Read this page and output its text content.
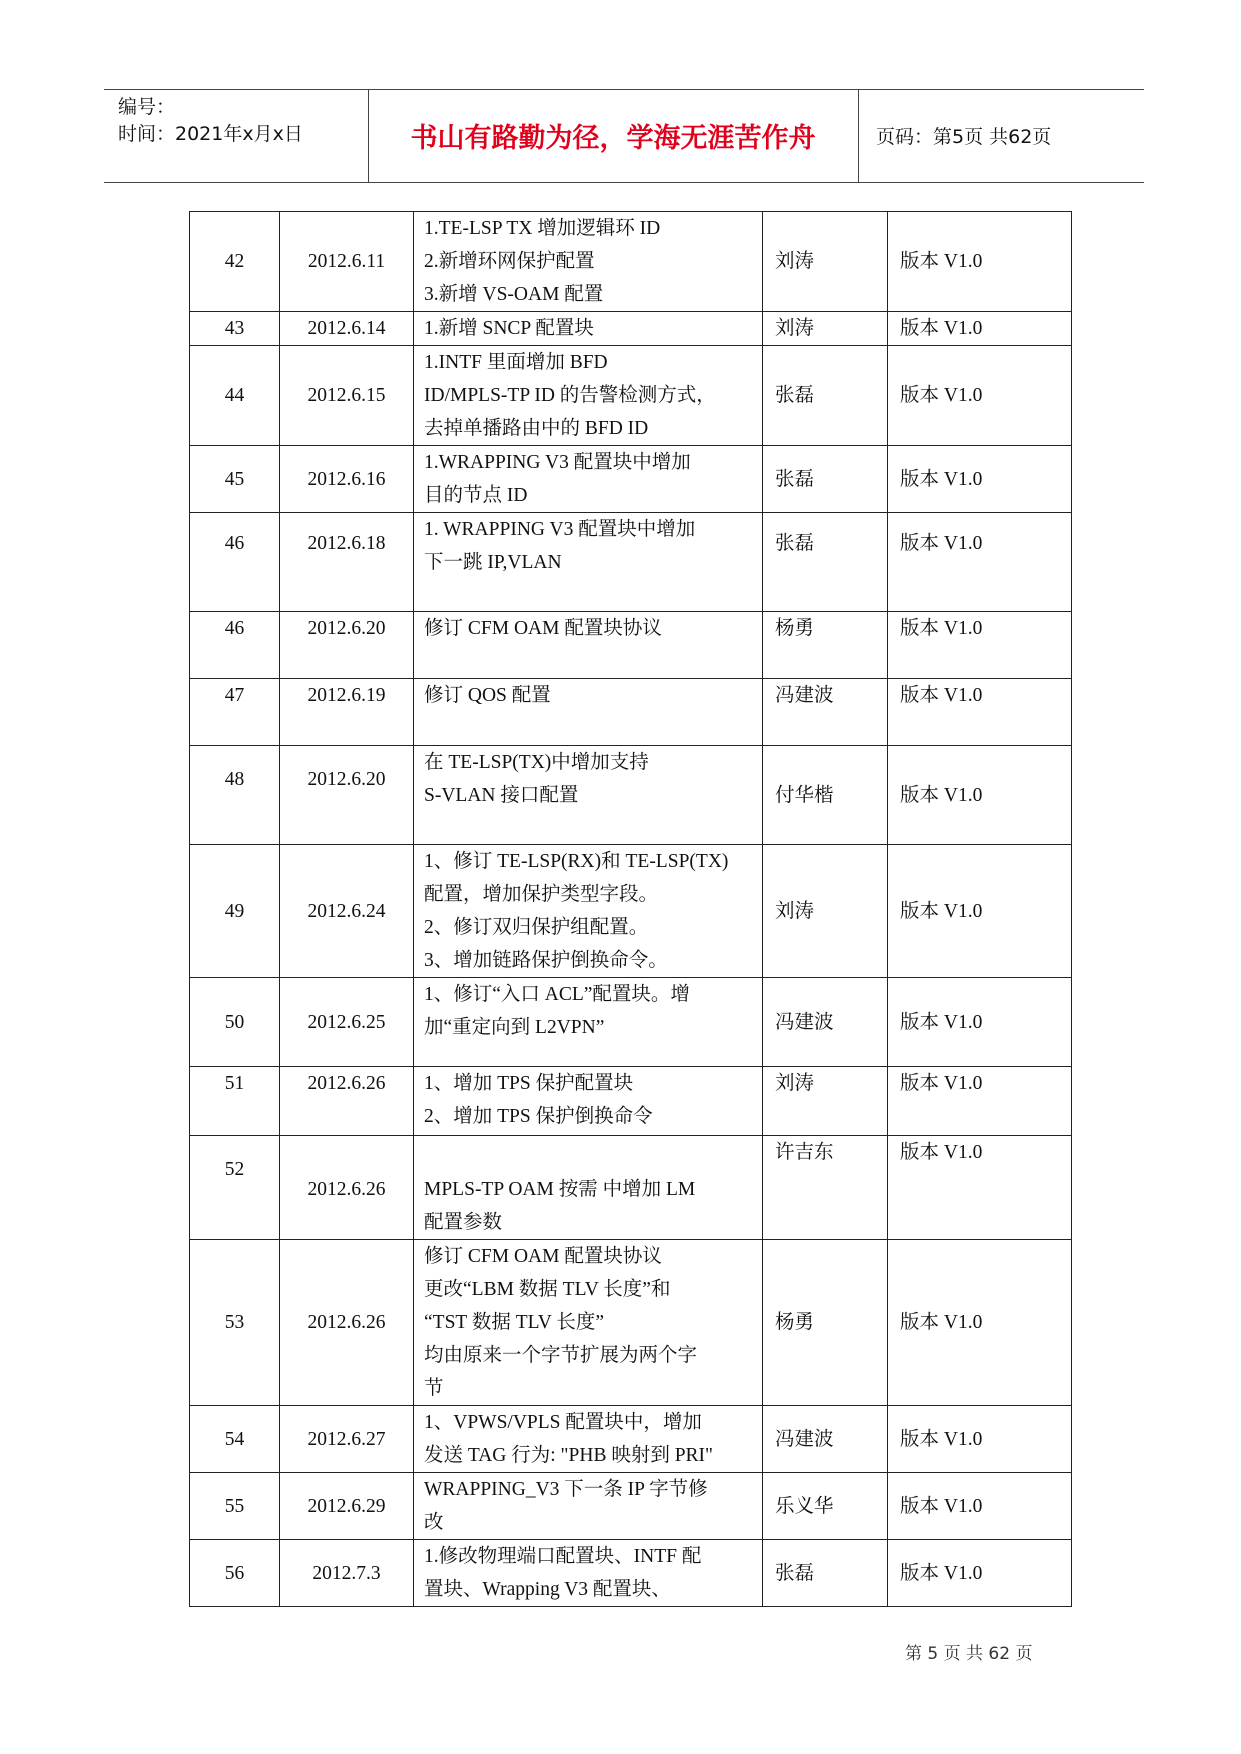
编号：
时间：2021年x月x日	书山有路勤为径，学海无涯苦作舟	页码：第5页 共62页
42	2012.6.11	1.TE-LSP TX 增加逻辑环 ID
2.新增环网保护配置
3.新增 VS-OAM 配置	刘涛	版本 V1.0
43	2012.6.14	1.新增 SNCP 配置块	刘涛	版本 V1.0
44	2012.6.15	1.INTF 里面增加 BFD
ID/MPLS-TP ID 的告警检测方式，
去掉单播路由中的 BFD ID	张磊	版本 V1.0
45	2012.6.16	1.WRAPPING V3 配置块中增加
目的节点 ID	张磊	版本 V1.0
46	2012.6.18	1. WRAPPING V3 配置块中增加
下一跳 IP,VLAN	张磊	版本 V1.0
46	2012.6.20	修订 CFM OAM 配置块协议	杨勇	版本 V1.0
47	2012.6.19	修订 QOS 配置	冯建波	版本 V1.0
48	2012.6.20	在 TE-LSP(TX)中增加支持
S-VLAN 接口配置	付华楷	版本 V1.0
49	2012.6.24	1、修订 TE-LSP(RX)和 TE-LSP(TX)
配置，增加保护类型字段。
2、修订双归保护组配置。
3、增加链路保护倒换命令。	刘涛	版本 V1.0
50	2012.6.25	1、修订“入口 ACL”配置块。增
加“重定向到 L2VPN”	冯建波	版本 V1.0
51	2012.6.26	1、增加 TPS 保护配置块
2、增加 TPS 保护倒换命令	刘涛	版本 V1.0
52	2012.6.26	MPLS-TP OAM 按需 中增加 LM
配置参数	许吉东	版本 V1.0
53	2012.6.26	修订 CFM OAM 配置块协议
更改“LBM 数据 TLV 长度”和
“TST 数据 TLV 长度”
均由原来一个字节扩展为两个字
节	杨勇	版本 V1.0
54	2012.6.27	1、VPWS/VPLS 配置块中，增加
发送 TAG 行为: "PHB 映射到 PRI"	冯建波	版本 V1.0
55	2012.6.29	WRAPPING_V3 下一条 IP 字节修
改	乐义华	版本 V1.0
56	2012.7.3	1.修改物理端口配置块、INTF 配
置块、Wrapping V3 配置块、	张磊	版本 V1.0
第 5 页 共 62 页
